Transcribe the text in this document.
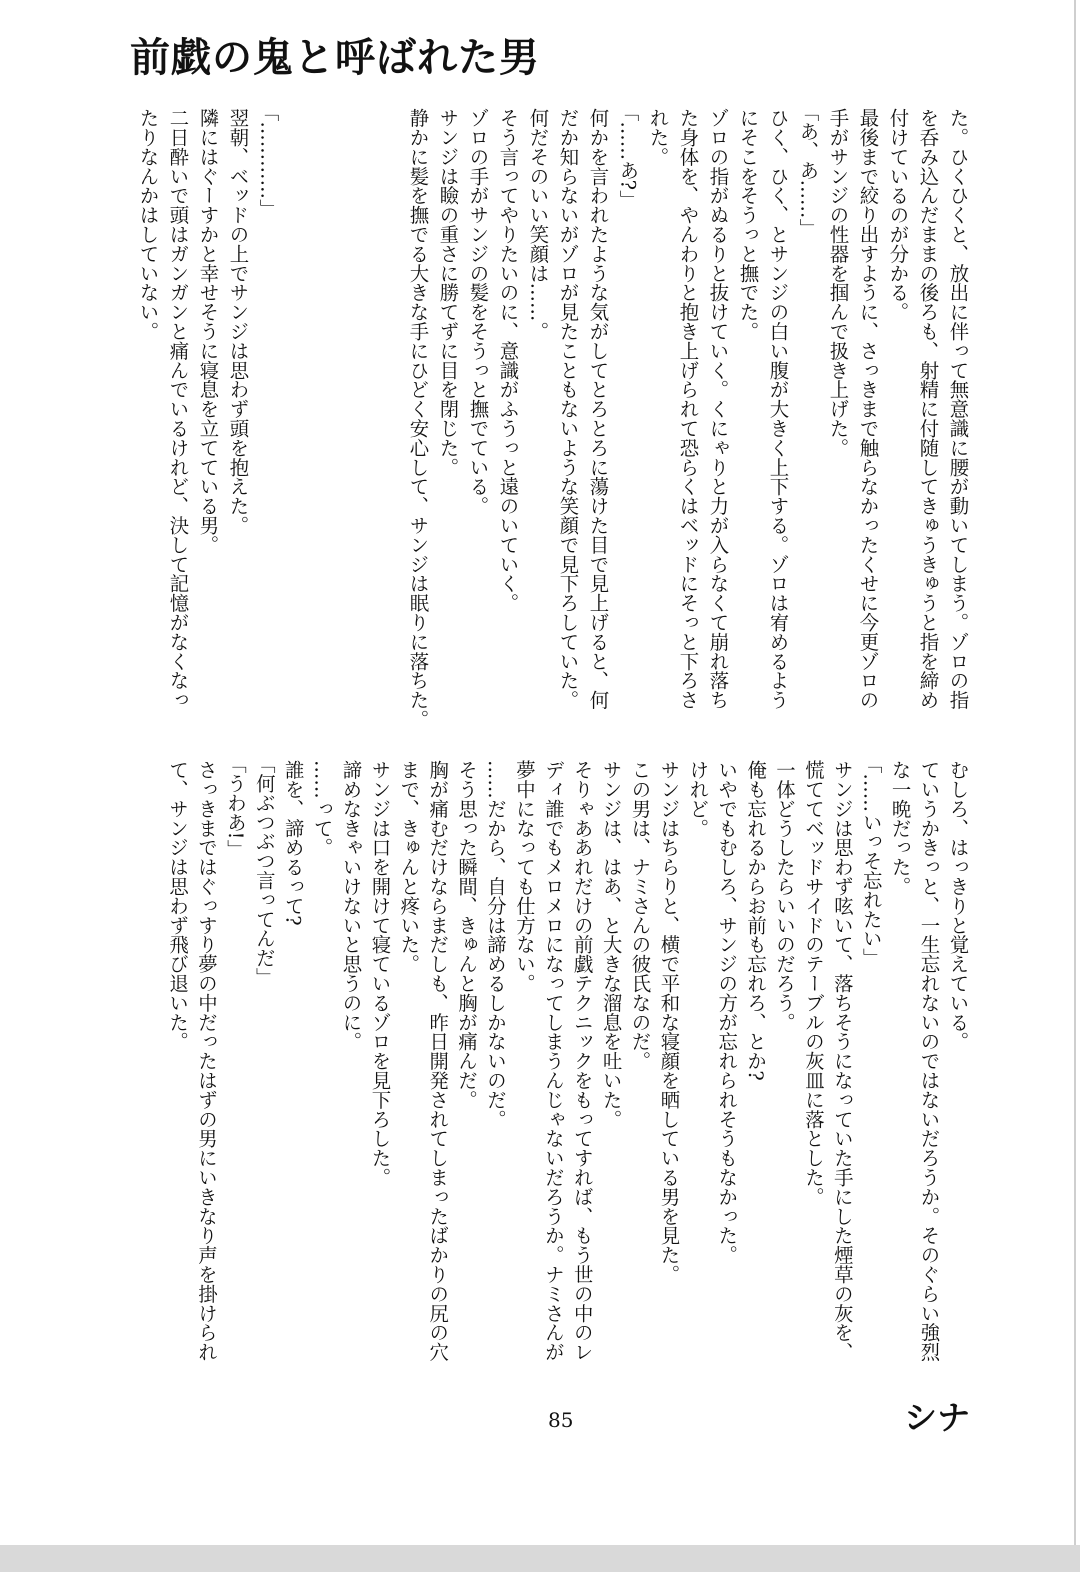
前戯の鬼と呼ばれた男
た。ひくひくと、放出に伴って無意識に腰が動いてしまう。ゾロの指
を呑み込んだままの後ろも、射精に付随してきゅうきゅうと指を締め
付けているのが分かる。
最後まで絞り出すように、さっきまで触らなかったくせに今更ゾロの
手がサンジの性器を掴んで扱き上げた。
「あ、あ……」
ひく、ひく、とサンジの白い腹が大きく上下する。ゾロは宥めるよう
にそこをそうっと撫でた。
ゾロの指がぬるりと抜けていく。くにゃりと力が入らなくて崩れ落ち
た身体を、やんわりと抱き上げられて恐らくはベッドにそっと下ろさ
れた。
「……あ?」
何かを言われたような気がしてとろとろに蕩けた目で見上げると、何
だか知らないがゾロが見たこともないような笑顔で見下ろしていた。
何だそのいい笑顔は……。
そう言ってやりたいのに、意識がふうっと遠のいていく。
ゾロの手がサンジの髪をそうっと撫でている。
サンジは瞼の重さに勝てずに目を閉じた。
静かに髪を撫でる大きな手にひどく安心して、サンジは眠りに落ちた。
「…………」
翌朝、ベッドの上でサンジは思わず頭を抱えた。
隣にはぐーすかと幸せそうに寝息を立てている男。
二日酔いで頭はガンガンと痛んでいるけれど、決して記憶がなくなっ
たりなんかはしていない。
むしろ、はっきりと覚えている。
ていうかきっと、一生忘れないのではないだろうか。そのぐらい強烈
な一晩だった。
「……いっそ忘れたい」
サンジは思わず呟いて、落ちそうになっていた手にした煙草の灰を、
慌ててベッドサイドのテーブルの灰皿に落とした。
一体どうしたらいいのだろう。
俺も忘れるからお前も忘れろ、とか?
いやでもむしろ、サンジの方が忘れられそうもなかった。
けれど。
サンジはちらりと、横で平和な寝顔を晒している男を見た。
この男は、ナミさんの彼氏なのだ。
サンジは、はあ、と大きな溜息を吐いた。
そりゃああれだけの前戯テクニックをもってすれば、もう世の中のレ
ディ誰でもメロメロになってしまうんじゃないだろうか。ナミさんが
夢中になっても仕方ない。
……だから、自分は諦めるしかないのだ。
そう思った瞬間、きゅんと胸が痛んだ。
胸が痛むだけならまだしも、昨日開発されてしまったばかりの尻の穴
まで、きゅんと疼いた。
サンジは口を開けて寝ているゾロを見下ろした。
諦めなきゃいけないと思うのに。
……って。
誰を、諦めるって?
「何ぶつぶつ言ってんだ」
「うわあ!」
さっきまではぐっすり夢の中だったはずの男にいきなり声を掛けられ
て、サンジは思わず飛び退いた。
シナ
85
